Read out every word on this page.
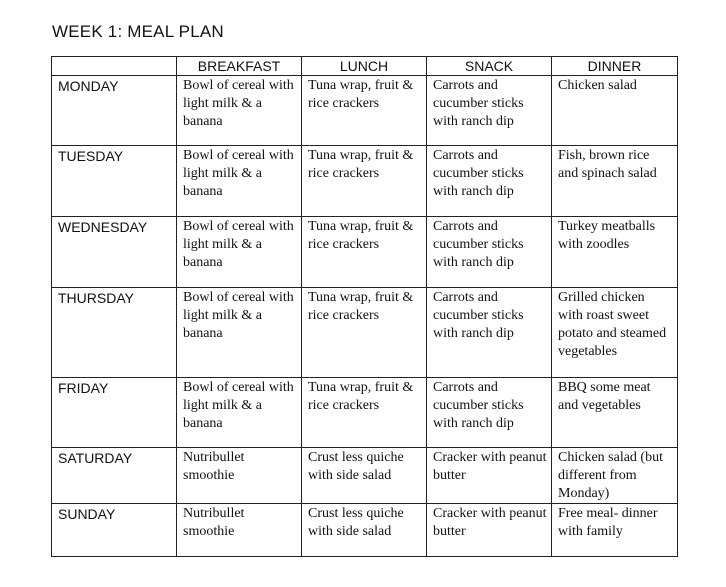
WEEK 1: MEAL PLAN
	BREAKFAST	LUNCH	SNACK	DINNER
MONDAY	Bowl of cereal with light milk & a banana	Tuna wrap, fruit & rice crackers	Carrots and cucumber sticks with ranch dip	Chicken salad
TUESDAY	Bowl of cereal with light milk & a banana	Tuna wrap, fruit & rice crackers	Carrots and cucumber sticks with ranch dip	Fish, brown rice and spinach salad
WEDNESDAY	Bowl of cereal with light milk & a banana	Tuna wrap, fruit & rice crackers	Carrots and cucumber sticks with ranch dip	Turkey meatballs with zoodles
THURSDAY	Bowl of cereal with light milk & a banana	Tuna wrap, fruit & rice crackers	Carrots and cucumber sticks with ranch dip	Grilled chicken with roast sweet potato and steamed vegetables
FRIDAY	Bowl of cereal with light milk & a banana	Tuna wrap, fruit & rice crackers	Carrots and cucumber sticks with ranch dip	BBQ some meat and vegetables
SATURDAY	Nutribullet smoothie	Crust less quiche with side salad	Cracker with peanut butter	Chicken salad (but different from Monday)
SUNDAY	Nutribullet smoothie	Crust less quiche with side salad	Cracker with peanut butter	Free meal- dinner with family
